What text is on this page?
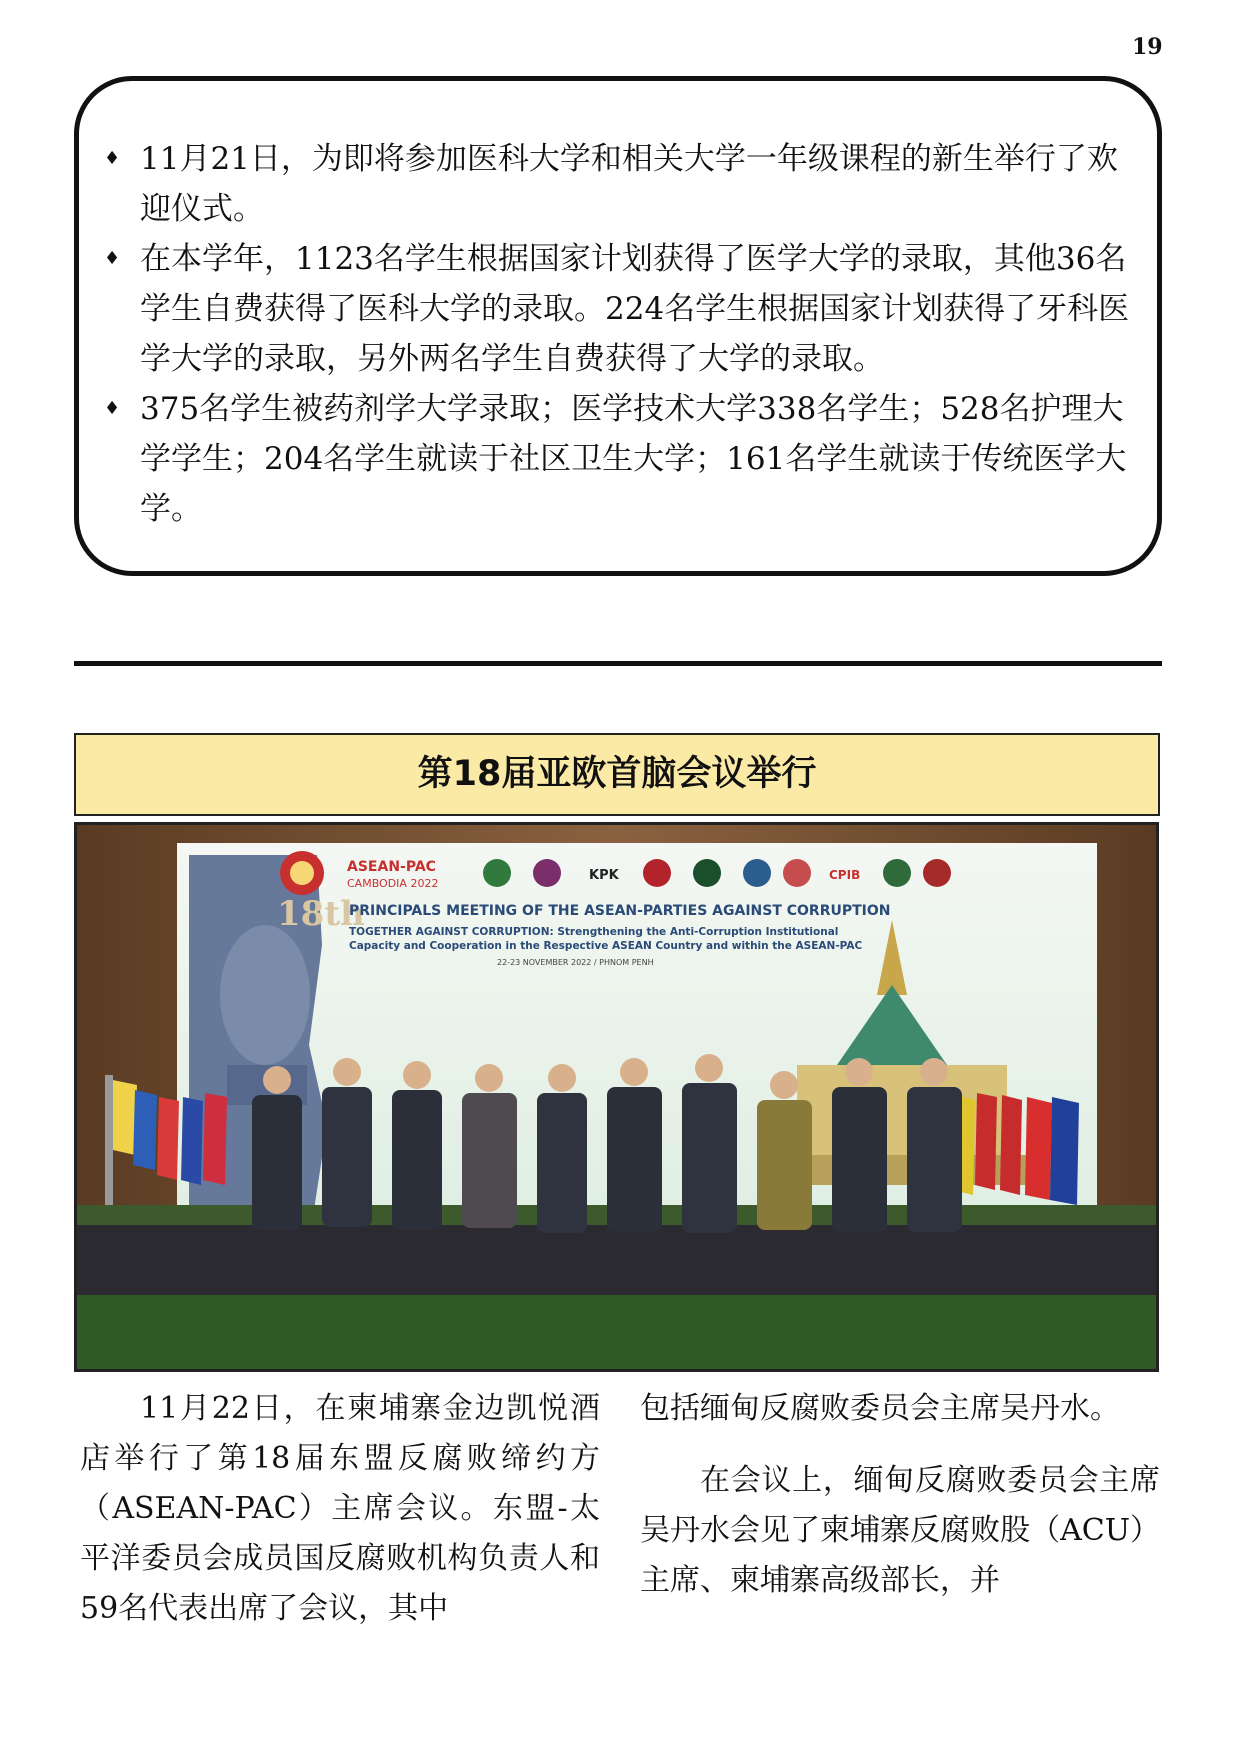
19
♦ 11月21日，为即将参加医科大学和相关大学一年级课程的新生举行了欢迎仪式。
♦ 在本学年，1123名学生根据国家计划获得了医学大学的录取，其他36名学生自费获得了医科大学的录取。224名学生根据国家计划获得了牙科医学大学的录取，另外两名学生自费获得了大学的录取。
♦ 375名学生被药剂学大学录取；医学技术大学338名学生；528名护理大学学生；204名学生就读于社区卫生大学；161名学生就读于传统医学大学。
第18届亚欧首脑会议举行
ASEAN-PAC
CAMBODIA 2022
KPK	CPIB
18th
PRINCIPALS MEETING OF THE ASEAN-PARTIES AGAINST CORRUPTION
TOGETHER AGAINST CORRUPTION: Strengthening the Anti-Corruption Institutional
Capacity and Cooperation in the Respective ASEAN Country and within the ASEAN-PAC
22-23 NOVEMBER 2022 / PHNOM PENH

11月22日，在柬埔寨金边凯悦酒店举行了第18届东盟反腐败缔约方（ASEAN-PAC）主席会议。东盟-太平洋委员会成员国反腐败机构负责人和59名代表出席了会议，其中

包括缅甸反腐败委员会主席吴丹水。

在会议上，缅甸反腐败委员会主席吴丹水会见了柬埔寨反腐败股（ACU）主席、柬埔寨高级部长，并
